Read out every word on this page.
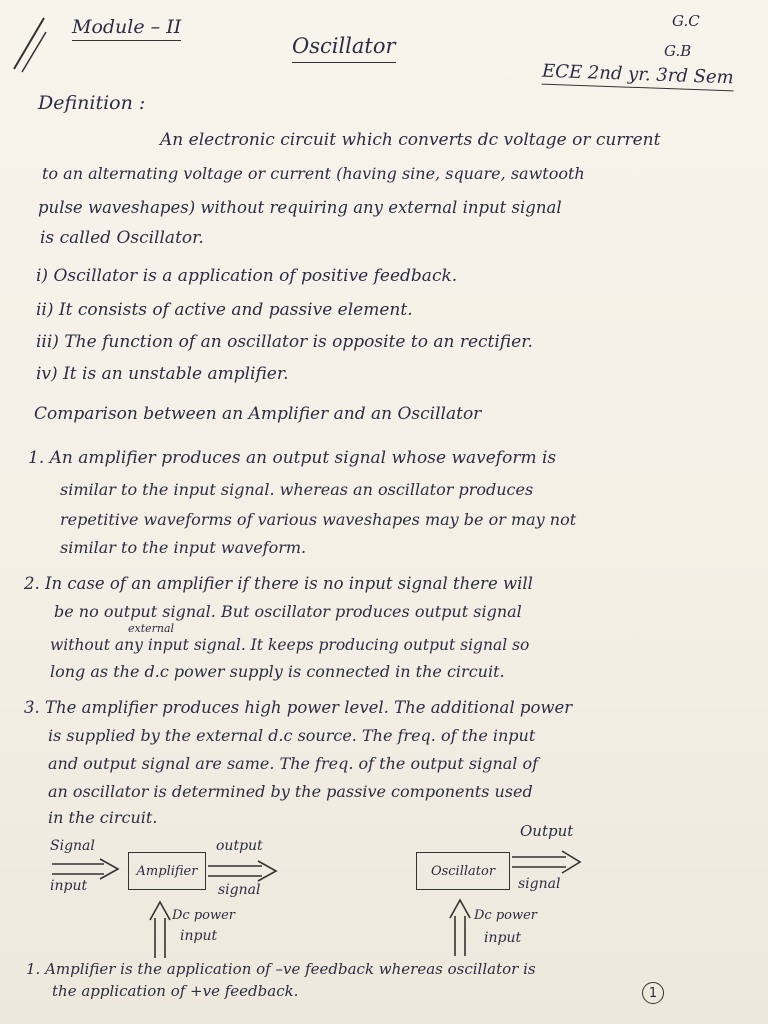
Module – II
Oscillator
G.C
G.B
ECE 2nd yr. 3rd Sem
Definition :
An electronic circuit which converts dc voltage or current
to an alternating voltage or current (having sine, square, sawtooth
pulse waveshapes) without requiring any external input signal
is called Oscillator.
i) Oscillator is a application of positive feedback.
ii) It consists of active and passive element.
iii) The function of an oscillator is opposite to an rectifier.
iv) It is an unstable amplifier.
Comparison between an Amplifier and an Oscillator
1. An amplifier produces an output signal whose waveform is
similar to the input signal. whereas an oscillator produces
repetitive waveforms of various waveshapes may be or may not
similar to the input waveform.
2. In case of an amplifier if there is no input signal there will
be no output signal. But oscillator produces output signal
external
without any input signal. It keeps producing output signal so
long as the d.c power supply is connected in the circuit.
3. The amplifier produces high power level. The additional power
is supplied by the external d.c source. The freq. of the input
and output signal are same. The freq. of the output signal of
an oscillator is determined by the passive components used
in the circuit.
Signal
input
Amplifier
output
signal
Dc power
input
Oscillator
Output
signal
Dc power
input
1. Amplifier is the application of –ve feedback whereas oscillator is
the application of +ve feedback.	1
